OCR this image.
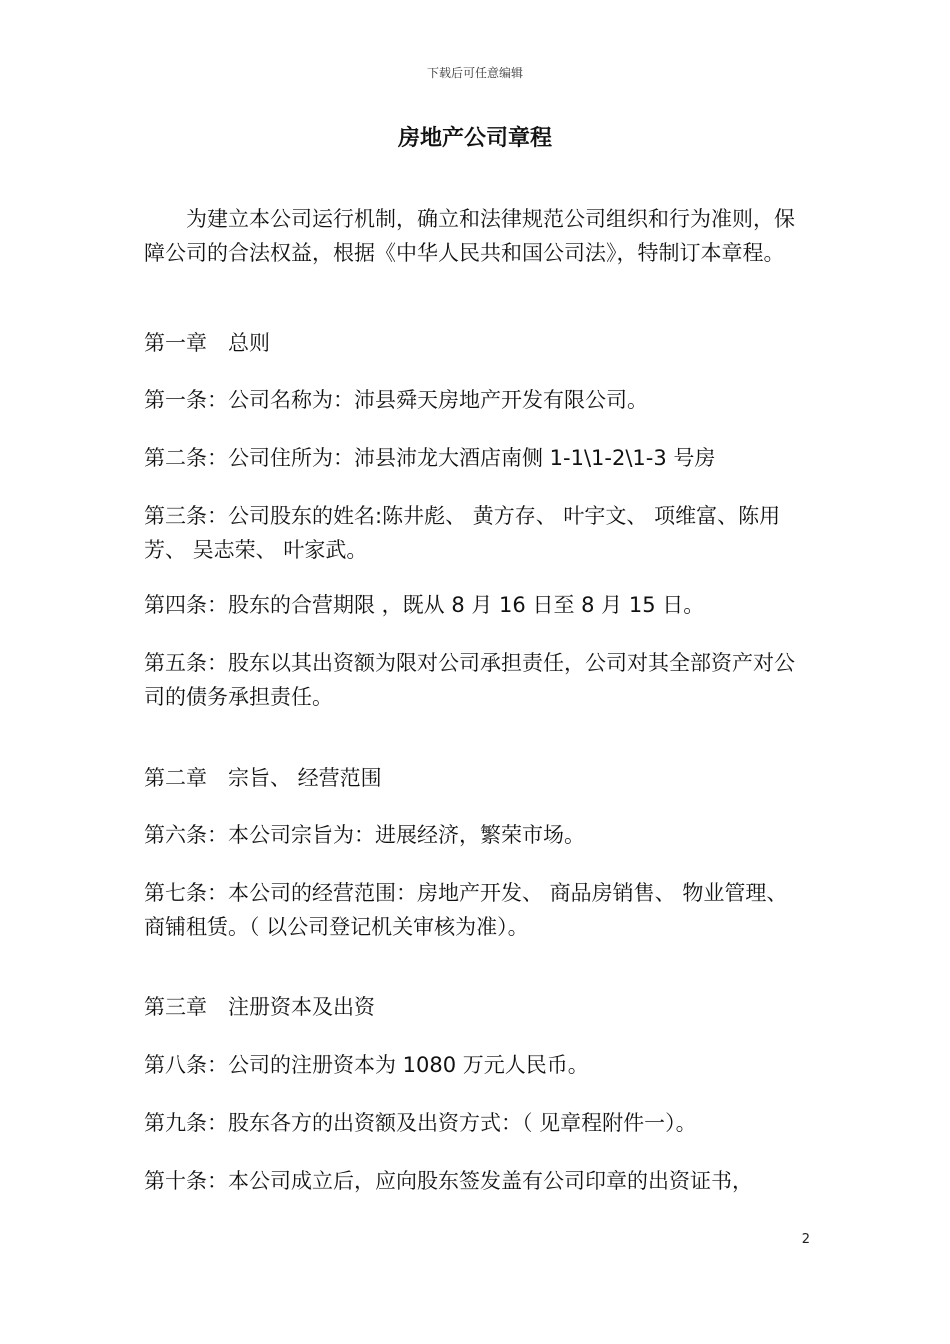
下载后可任意编辑
房地产公司章程
　　为建立本公司运行机制，确立和法律规范公司组织和行为准则，保障公司的合法权益，根据《中华人民共和国公司法》，特制订本章程。
第一章　总则
第一条：公司名称为：沛县舜天房地产开发有限公司。
第二条：公司住所为：沛县沛龙大酒店南侧 1-1\1-2\1-3 号房
第三条：公司股东的姓名:陈井彪、 黄方存、 叶宇文、 项维富、陈用芳、 吴志荣、 叶家武。
第四条：股东的合营期限 ，既从 8 月 16 日至 8 月 15 日。
第五条：股东以其出资额为限对公司承担责任，公司对其全部资产对公司的债务承担责任。
第二章　宗旨、 经营范围
第六条：本公司宗旨为：进展经济，繁荣市场。
第七条：本公司的经营范围：房地产开发、 商品房销售、 物业管理、 商铺租赁。（ 以公司登记机关审核为准）。
第三章　注册资本及出资
第八条：公司的注册资本为 1080 万元人民币。
第九条：股东各方的出资额及出资方式：（ 见章程附件一）。
第十条：本公司成立后，应向股东签发盖有公司印章的出资证书，
2
